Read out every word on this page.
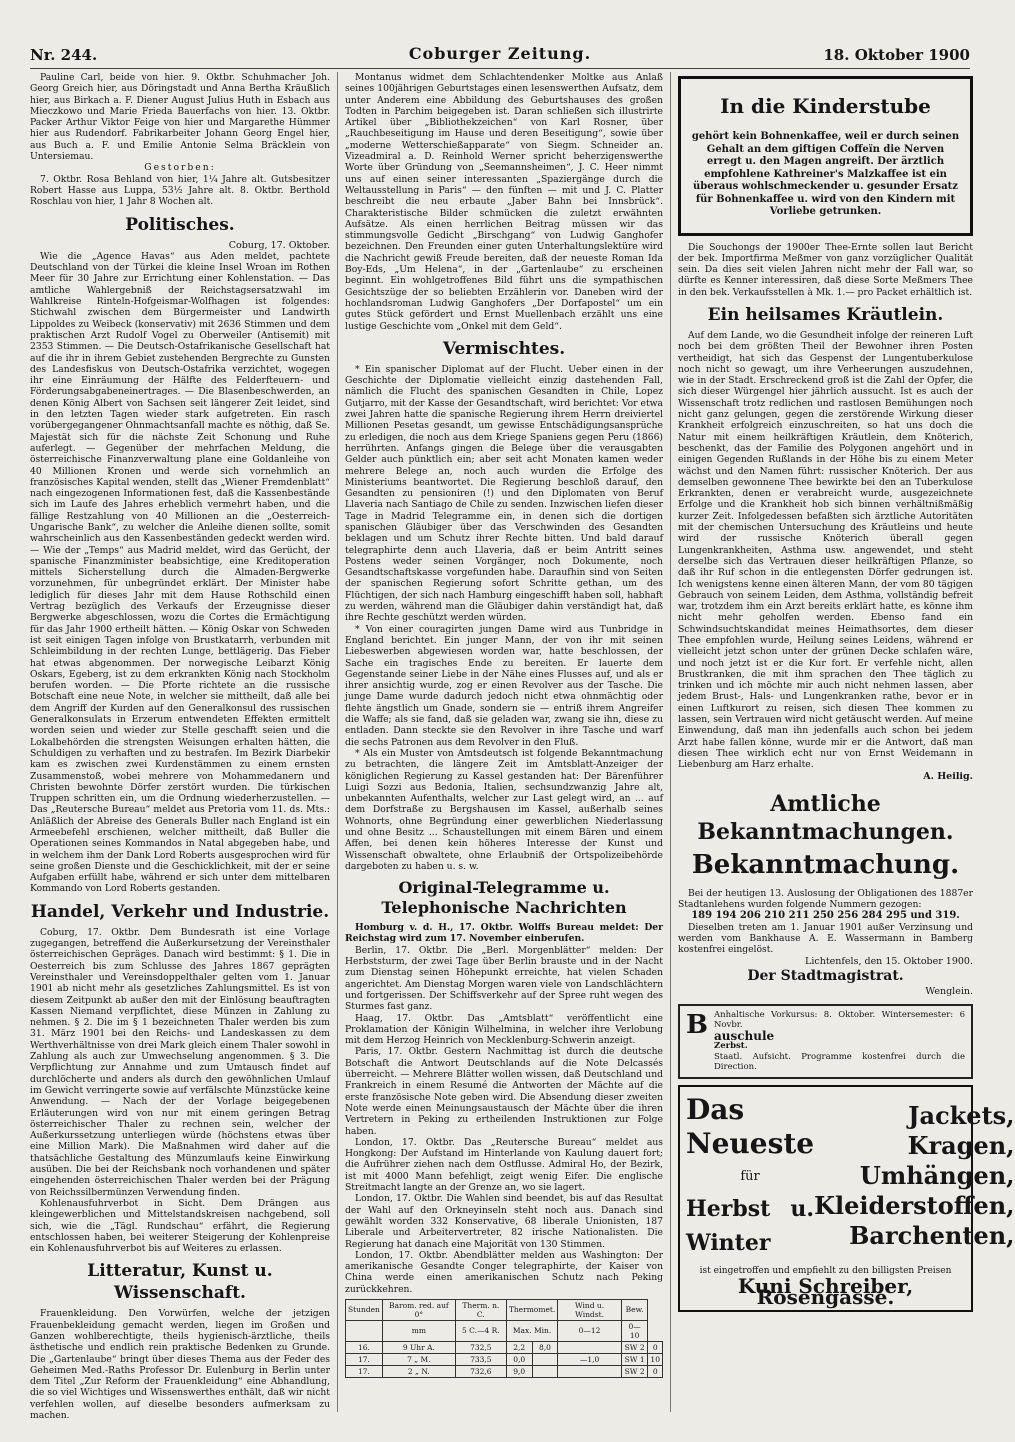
Nr. 244.	Coburger Zeitung.	18. Oktober 1900

Pauline Carl, beide von hier. 9. Oktbr. Schuhmacher Joh. Georg Greich hier, aus Döringstadt und Anna Bertha Kräußlich hier, aus Birkach a. F. Diener August Julius Huth in Esbach aus Mieczkowo und Marie Frieda Bauerfachs von hier. 13. Oktbr. Packer Arthur Viktor Feige von hier und Margarethe Hümmer hier aus Rudendorf. Fabrikarbeiter Johann Georg Engel hier, aus Buch a. F. und Emilie Antonie Selma Bräcklein von Untersiemau.

Gestorben:

7. Oktbr. Rosa Behland von hier, 1¼ Jahre alt. Gutsbesitzer Robert Hasse aus Luppa, 53½ Jahre alt. 8. Oktbr. Berthold Roschlau von hier, 1 Jahr 8 Wochen alt.

Politisches.
Coburg, 17. Oktober.

Wie die „Agence Havas“ aus Aden meldet, pachtete Deutschland von der Türkei die kleine Insel Wroan im Rothen Meer für 30 Jahre zur Errichtung einer Kohlenstation. — Das amtliche Wahlergebniß der Reichstagsersatzwahl im Wahlkreise Rinteln-Hofgeismar-Wolfhagen ist folgendes: Stichwahl zwischen dem Bürgermeister und Landwirth Lippoldes zu Weibeck (konservativ) mit 2636 Stimmen und dem praktischen Arzt Rudolf Vogel zu Oberweiler (Antisemit) mit 2353 Stimmen. — Die Deutsch-Ostafrikanische Gesellschaft hat auf die ihr in ihrem Gebiet zustehenden Bergrechte zu Gunsten des Landesfiskus von Deutsch-Ostafrika verzichtet, wogegen ihr eine Einräumung der Hälfte des Felderfteuern- und Förderungsabgabeneinertrages. — Die Blasenbeschwerden, an denen König Albert von Sachsen seit längerer Zeit leidet, sind in den letzten Tagen wieder stark aufgetreten. Ein rasch vorübergegangener Ohnmachtsanfall machte es nöthig, daß Se. Majestät sich für die nächste Zeit Schonung und Ruhe auferlegt. — Gegenüber der mehrfachen Meldung, die österreichische Finanzverwaltung plane eine Goldanleihe von 40 Millionen Kronen und werde sich vornehmlich an französisches Kapital wenden, stellt das „Wiener Fremdenblatt“ nach eingezogenen Informationen fest, daß die Kassenbestände sich im Laufe des Jahres erheblich vermehrt haben, und die fällige Restzahlung von 40 Millionen an die „Oesterreich-Ungarische Bank“, zu welcher die Anleihe dienen sollte, somit wahrscheinlich aus den Kassenbeständen gedeckt werden wird. — Wie der „Temps“ aus Madrid meldet, wird das Gerücht, der spanische Finanzminister beabsichtige, eine Kreditoperation mittels Sicherstellung durch die Almaden-Bergwerke vorzunehmen, für unbegründet erklärt. Der Minister habe lediglich für dieses Jahr mit dem Hause Rothschild einen Vertrag bezüglich des Verkaufs der Erzeugnisse dieser Bergwerke abgeschlossen, wozu die Cortes die Ermächtigung für das Jahr 1900 ertheilt hätten. — König Oskar von Schweden ist seit einigen Tagen infolge von Brustkatarrh, verbunden mit Schleimbildung in der rechten Lunge, bettlägerig. Das Fieber hat etwas abgenommen. Der norwegische Leibarzt König Oskars, Egeberg, ist zu dem erkrankten König nach Stockholm berufen worden. — Die Pforte richtete an die russische Botschaft eine neue Note, in welcher sie mittheilt, daß alle bei dem Angriff der Kurden auf den Generalkonsul des russischen Generalkonsulats in Erzerum entwendeten Effekten ermittelt worden seien und wieder zur Stelle geschafft seien und die Lokalbehörden die strengsten Weisungen erhalten hätten, die Schuldigen zu verhaften und zu bestrafen. Im Bezirk Diarbekir kam es zwischen zwei Kurdenstämmen zu einem ernsten Zusammenstoß, wobei mehrere von Mohammedanern und Christen bewohnte Dörfer zerstört wurden. Die türkischen Truppen schritten ein, um die Ordnung wiederherzustellen. — Das „Reutersche Bureau“ meldet aus Pretoria vom 11. ds. Mts.: Anläßlich der Abreise des Generals Buller nach England ist ein Armeebefehl erschienen, welcher mittheilt, daß Buller die Operationen seines Kommandos in Natal abgegeben habe, und in welchem ihm der Dank Lord Roberts ausgesprochen wird für seine großen Dienste und die Geschicklichkeit, mit der er seine Aufgaben erfüllt habe, während er sich unter dem mittelbaren Kommando von Lord Roberts gestanden.

Handel, Verkehr und Industrie.

Coburg, 17. Oktbr. Dem Bundesrath ist eine Vorlage zugegangen, betreffend die Außerkursetzung der Vereinsthaler österreichischen Gepräges. Danach wird bestimmt: § 1. Die in Oesterreich bis zum Schlusse des Jahres 1867 geprägten Vereinsthaler und Vereinsdoppelthaler gelten vom 1. Januar 1901 ab nicht mehr als gesetzliches Zahlungsmittel. Es ist von diesem Zeitpunkt ab außer den mit der Einlösung beauftragten Kassen Niemand verpflichtet, diese Münzen in Zahlung zu nehmen. § 2. Die im § 1 bezeichneten Thaler werden bis zum 31. März 1901 bei den Reichs- und Landeskassen zu dem Werthverhältnisse von drei Mark gleich einem Thaler sowohl in Zahlung als auch zur Umwechselung angenommen. § 3. Die Verpflichtung zur Annahme und zum Umtausch findet auf durchlöcherte und anders als durch den gewöhnlichen Umlauf im Gewicht verringerte sowie auf verfälschte Münzstücke keine Anwendung. — Nach der der Vorlage beigegebenen Erläuterungen wird von nur mit einem geringen Betrag österreichischer Thaler zu rechnen sein, welcher der Außerkurssetzung unterliegen würde (höchstens etwas über eine Million Mark). Die Maßnahmen wird daher auf die thatsächliche Gestaltung des Münzumlaufs keine Einwirkung ausüben. Die bei der Reichsbank noch vorhandenen und später eingehenden österreichischen Thaler werden bei der Prägung von Reichssilbermünzen Verwendung finden.

Kohlenausfuhrverbot in Sicht. Dem Drängen aus kleingewerblichen und Mittelstandskreisen nachgebend, soll sich, wie die „Tägl. Rundschau“ erfährt, die Regierung entschlossen haben, bei weiterer Steigerung der Kohlenpreise ein Kohlenausfuhrverbot bis auf Weiteres zu erlassen.

Litteratur, Kunst u. Wissenschaft.

Frauenkleidung. Den Vorwürfen, welche der jetzigen Frauenbekleidung gemacht werden, liegen im Großen und Ganzen wohlberechtigte, theils hygienisch-ärztliche, theils ästhetische und endlich rein praktische Bedenken zu Grunde. Die „Gartenlaube“ bringt über dieses Thema aus der Feder des Geheimen Med.-Raths Professor Dr. Eulenburg in Berlin unter dem Titel „Zur Reform der Frauenkleidung“ eine Abhandlung, die so viel Wichtiges und Wissenswerthes enthält, daß wir nicht verfehlen wollen, auf dieselbe besonders aufmerksam zu machen.

Montanus widmet dem Schlachtendenker Moltke aus Anlaß seines 100jährigen Geburtstages einen lesenswerthen Aufsatz, dem unter Anderem eine Abbildung des Geburtshauses des großen Todten in Parchim beigegeben ist. Daran schließen sich illustrirte Artikel über „Bibliothekzeichen“ von Karl Rosner, über „Rauchbeseitigung im Hause und deren Beseitigung“, sowie über „moderne Wetterschießapparate“ von Siegm. Schneider an. Vizeadmiral a. D. Reinhold Werner spricht beherzigenswerthe Worte über Gründung von „Seemannsheimen“, J. C. Heer nimmt uns auf einen seiner interessanten „Spaziergänge durch die Weltausstellung in Paris“ — den fünften — mit und J. C. Platter beschreibt die neu erbaute „Jaber Bahn bei Innsbrück“. Charakteristische Bilder schmücken die zuletzt erwähnten Aufsätze. Als einen herrlichen Beitrag müssen wir das stimmungsvolle Gedicht „Birschgang“ von Ludwig Ganghofer bezeichnen. Den Freunden einer guten Unterhaltungslektüre wird die Nachricht gewiß Freude bereiten, daß der neueste Roman Ida Boy-Eds, „Um Helena“, in der „Gartenlaube“ zu erscheinen beginnt. Ein wohlgetroffenes Bild führt uns die sympathischen Gesichtszüge der so beliebten Erzählerin vor. Daneben wird der hochlandsroman Ludwig Ganghofers „Der Dorfapostel“ um ein gutes Stück gefördert und Ernst Muellenbach erzählt uns eine lustige Geschichte vom „Onkel mit dem Geld“.

Vermischtes.

* Ein spanischer Diplomat auf der Flucht. Ueber einen in der Geschichte der Diplomatie vielleicht einzig dastehenden Fall, nämlich die Flucht des spanischen Gesandten in Chile, Lopez Gutjarro, mit der Kasse der Gesandtschaft, wird berichtet: Vor etwa zwei Jahren hatte die spanische Regierung ihrem Herrn dreiviertel Millionen Pesetas gesandt, um gewisse Entschädigungsansprüche zu erledigen, die noch aus dem Kriege Spaniens gegen Peru (1866) herrührten. Anfangs gingen die Belege über die verausgabten Gelder auch pünktlich ein; aber seit acht Monaten kamen weder mehrere Belege an, noch auch wurden die Erfolge des Ministeriums beantwortet. Die Regierung beschloß darauf, den Gesandten zu pensioniren (!) und den Diplomaten von Beruf Llaveria nach Santiago de Chile zu senden. Inzwischen liefen dieser Tage in Madrid Telegramme ein, in denen sich die dortigen spanischen Gläubiger über das Verschwinden des Gesandten beklagen und um Schutz ihrer Rechte bitten. Und bald darauf telegraphirte denn auch Llaveria, daß er beim Antritt seines Postens weder seinen Vorgänger, noch Dokumente, noch Gesandtschaftskasse vorgefunden habe. Daraufhin sind von Seiten der spanischen Regierung sofort Schritte gethan, um des Flüchtigen, der sich nach Hamburg eingeschifft haben soll, habhaft zu werden, während man die Gläubiger dahin verständigt hat, daß ihre Rechte geschützt werden würden.

* Von einer couragirten jungen Dame wird aus Tunbridge in England berichtet. Ein junger Mann, der von ihr mit seinen Liebeswerben abgewiesen worden war, hatte beschlossen, der Sache ein tragisches Ende zu bereiten. Er lauerte dem Gegenstande seiner Liebe in der Nähe eines Flusses auf, und als er ihrer ansichtig wurde, zog er einen Revolver aus der Tasche. Die junge Dame wurde dadurch jedoch nicht etwa ohnmächtig oder flehte ängstlich um Gnade, sondern sie — entriß ihrem Angreifer die Waffe; als sie fand, daß sie geladen war, zwang sie ihn, diese zu entladen. Dann steckte sie den Revolver in ihre Tasche und warf die sechs Patronen aus dem Revolver in den Fluß.

* Als ein Muster von Amtsdeutsch ist folgende Bekanntmachung zu betrachten, die längere Zeit im Amtsblatt-Anzeiger der königlichen Regierung zu Kassel gestanden hat: Der Bärenführer Luigi Sozzi aus Bedonia, Italien, sechsundzwanzig Jahre alt, unbekannten Aufenthalts, welcher zur Last gelegt wird, an ... auf dem Dorfstraße zu Bergshausen im Kassel, außerhalb seines Wohnorts, ohne Begründung einer gewerblichen Niederlassung und ohne Besitz ... Schaustellungen mit einem Bären und einem Affen, bei denen kein höheres Interesse der Kunst und Wissenschaft obwaltete, ohne Erlaubniß der Ortspolizeibehörde dargeboten zu haben u. s. w.

Original-Telegramme u. Telephonische Nachrichten

Homburg v. d. H., 17. Oktbr. Wolffs Bureau meldet: Der Reichstag wird zum 17. November einberufen.

Berlin, 17. Oktbr. Die „Berl. Morgenblätter“ melden: Der Herbststurm, der zwei Tage über Berlin brauste und in der Nacht zum Dienstag seinen Höhepunkt erreichte, hat vielen Schaden angerichtet. Am Dienstag Morgen waren viele von Landschlächtern und fortgerissen. Der Schiffsverkehr auf der Spree ruht wegen des Sturmes fast ganz.

Haag, 17. Oktbr. Das „Amtsblatt“ veröffentlicht eine Proklamation der Königin Wilhelmina, in welcher ihre Verlobung mit dem Herzog Heinrich von Mecklenburg-Schwerin anzeigt.

Paris, 17. Oktbr. Gestern Nachmittag ist durch die deutsche Botschaft die Antwort Deutschlands auf die Note Delcassés überreicht. — Mehrere Blätter wollen wissen, daß Deutschland und Frankreich in einem Resumé die Antworten der Mächte auf die erste französische Note geben wird. Die Absendung dieser zweiten Note werde einen Meinungsaustausch der Mächte über die ihren Vertretern in Peking zu ertheilenden Instruktionen zur Folge haben.

London, 17. Oktbr. Das „Reutersche Bureau“ meldet aus Hongkong: Der Aufstand im Hinterlande von Kaulung dauert fort; die Aufrührer ziehen nach dem Ostflusse. Admiral Ho, der Bezirk, ist mit 4000 Mann befehligt, zeigt wenig Eifer. Die englische Streitmacht langte an der Grenze an, wo sie lagert.

London, 17. Oktbr. Die Wahlen sind beendet, bis auf das Resultat der Wahl auf den Orkneyinseln steht noch aus. Danach sind gewählt worden 332 Konservative, 68 liberale Unionisten, 187 Liberale und Arbeitervertreter, 82 irische Nationalisten. Die Regierung hat danach eine Majorität von 130 Stimmen.

London, 17. Oktbr. Abendblätter melden aus Washington: Der amerikanische Gesandte Conger telegraphirte, der Kaiser von China werde einen amerikanischen Schutz nach Peking zurückkehren.

Stunden	Barom. red. auf 0°	Therm. n. C.	Thermomet.		Wind u. Windst.	Bew.	
	mm	5 C.—4 R.	Max. Min.		0—12	0—10	
16.	9 Uhr A.	732,5	2,2	8,0		SW 2	0
17.	7 „ M.	733,5	0,0		—1,0	SW 1	10
17.	2 „ N.	732,6	9,0			SW 2	0
In die Kinderstube
gehört kein Bohnenkaffee, weil er durch seinen Gehalt an dem giftigen Coffeïn die Nerven erregt u. den Magen angreift. Der ärztlich empfohlene Kathreiner's Malzkaffee ist ein überaus wohlschmeckender u. gesunder Ersatz für Bohnenkaffee u. wird von den Kindern mit Vorliebe getrunken.

Die Souchongs der 1900er Thee-Ernte sollen laut Bericht der bek. Importfirma Meßmer von ganz vorzüglicher Qualität sein. Da dies seit vielen Jahren nicht mehr der Fall war, so dürfte es Kenner interessiren, daß diese Sorte Meßmers Thee in den bek. Verkaufsstellen à Mk. 1.— pro Packet erhältlich ist.

Ein heilsames Kräutlein.

Auf dem Lande, wo die Gesundheit infolge der reineren Luft noch bei dem größten Theil der Bewohner ihren Posten vertheidigt, hat sich das Gespenst der Lungentuberkulose noch nicht so gewagt, um ihre Verheerungen auszudehnen, wie in der Stadt. Erschreckend groß ist die Zahl der Opfer, die sich dieser Würgengel hier jährlich aussucht. Ist es auch der Wissenschaft trotz redlichen und rastlosen Bemühungen noch nicht ganz gelungen, gegen die zerstörende Wirkung dieser Krankheit erfolgreich einzuschreiten, so hat uns doch die Natur mit einem heilkräftigen Kräutlein, dem Knöterich, beschenkt, das der Familie des Polygonen angehört und in einigen Gegenden Rußlands in der Höhe bis zu einem Meter wächst und den Namen führt: russischer Knöterich. Der aus demselben gewonnene Thee bewirkte bei den an Tuberkulose Erkrankten, denen er verabreicht wurde, ausgezeichnete Erfolge und die Krankheit hob sich binnen verhältnißmäßig kurzer Zeit. Infolgedessen befaßten sich ärztliche Autoritäten mit der chemischen Untersuchung des Kräutleins und heute wird der russische Knöterich überall gegen Lungenkrankheiten, Asthma usw. angewendet, und steht derselbe sich das Vertrauen dieser heilkräftigen Pflanze, so daß ihr Ruf schon in die entlegensten Dörfer gedrungen ist. Ich wenigstens kenne einen älteren Mann, der vom 80 tägigen Gebrauch von seinem Leiden, dem Asthma, vollständig befreit war, trotzdem ihm ein Arzt bereits erklärt hatte, es könne ihm nicht mehr geholfen werden. Ebenso fand ein Schwindsuchtskandidat meines Heimathsortes, dem dieser Thee empfohlen wurde, Heilung seines Leidens, während er vielleicht jetzt schon unter der grünen Decke schlafen wäre, und noch jetzt ist er die Kur fort. Er verfehle nicht, allen Brustkranken, die mit ihm sprachen den Thee täglich zu trinken und ich möchte mir auch nicht nehmen lassen, aber jedem Brust-, Hals- und Lungenkranken rathe, bevor er in einen Luftkurort zu reisen, sich diesen Thee kommen zu lassen, sein Vertrauen wird nicht getäuscht werden. Auf meine Einwendung, daß man ihn jedenfalls auch schon bei jedem Arzt habe fallen könne, wurde mir er die Antwort, daß man diesen Thee wirklich echt nur von Ernst Weidemann in Liebenburg am Harz erhalte.

A. Heilig.
Amtliche Bekanntmachungen.
Bekanntmachung.

Bei der heutigen 13. Auslosung der Obligationen des 1887er Stadtanlehens wurden folgende Nummern gezogen:

189 194 206 210 211 250 256 284 295 und 319.

Dieselben treten am 1. Januar 1901 außer Verzinsung und werden vom Bankhause A. E. Wassermann in Bamberg kostenfrei eingelöst.

Lichtenfels, den 15. Oktober 1900.
Der Stadtmagistrat.
Wenglein.
B Anhaltische Vorkursus: 8. Oktober. Wintersemester: 6 Novbr.
auschule
Zerbst.
Staatl. Aufsicht. Programme kostenfrei durch die Direction.
Das Neueste
für
Herbst u. Winter
Jackets,
Kragen,
Umhängen,
Kleiderstoffen,
Barchenten,
ist eingetroffen und empfiehlt zu den billigsten Preisen
Kuni Schreiber, Rosengasse.
